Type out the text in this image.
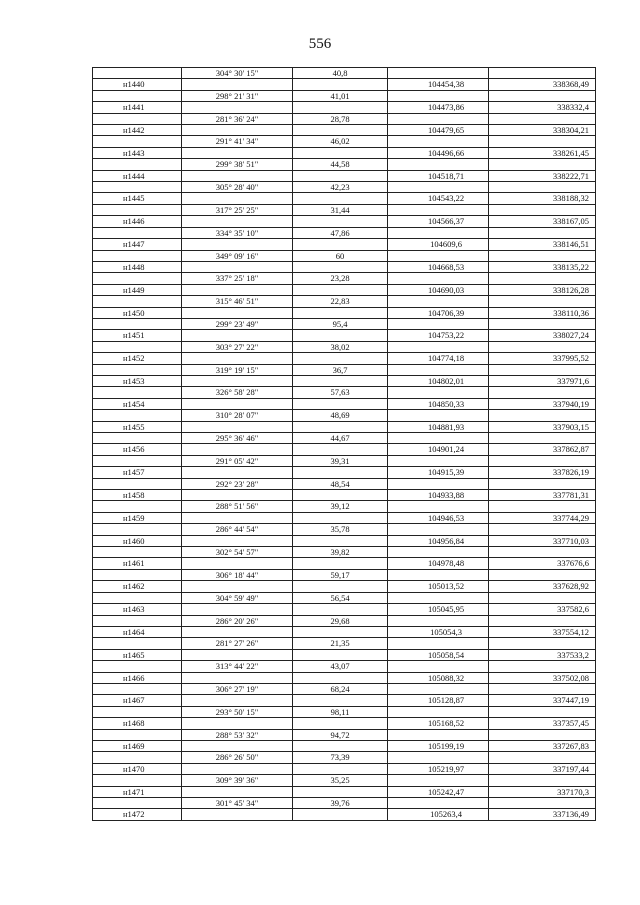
556
	304° 30' 15"	40,8		
н1440			104454,38	338368,49
	298° 21' 31"	41,01		
н1441			104473,86	338332,4
	281° 36' 24"	28,78		
н1442			104479,65	338304,21
	291° 41' 34"	46,02		
н1443			104496,66	338261,45
	299° 38' 51"	44,58		
н1444			104518,71	338222,71
	305° 28' 40"	42,23		
н1445			104543,22	338188,32
	317° 25' 25"	31,44		
н1446			104566,37	338167,05
	334° 35' 10"	47,86		
н1447			104609,6	338146,51
	349° 09' 16"	60		
н1448			104668,53	338135,22
	337° 25' 18"	23,28		
н1449			104690,03	338126,28
	315° 46' 51"	22,83		
н1450			104706,39	338110,36
	299° 23' 49"	95,4		
н1451			104753,22	338027,24
	303° 27' 22"	38,02		
н1452			104774,18	337995,52
	319° 19' 15"	36,7		
н1453			104802,01	337971,6
	326° 58' 28"	57,63		
н1454			104850,33	337940,19
	310° 28' 07"	48,69		
н1455			104881,93	337903,15
	295° 36' 46"	44,67		
н1456			104901,24	337862,87
	291° 05' 42"	39,31		
н1457			104915,39	337826,19
	292° 23' 28"	48,54		
н1458			104933,88	337781,31
	288° 51' 56"	39,12		
н1459			104946,53	337744,29
	286° 44' 54"	35,78		
н1460			104956,84	337710,03
	302° 54' 57"	39,82		
н1461			104978,48	337676,6
	306° 18' 44"	59,17		
н1462			105013,52	337628,92
	304° 59' 49"	56,54		
н1463			105045,95	337582,6
	286° 20' 26"	29,68		
н1464			105054,3	337554,12
	281° 27' 26"	21,35		
н1465			105058,54	337533,2
	313° 44' 22"	43,07		
н1466			105088,32	337502,08
	306° 27' 19"	68,24		
н1467			105128,87	337447,19
	293° 50' 15"	98,11		
н1468			105168,52	337357,45
	288° 53' 32"	94,72		
н1469			105199,19	337267,83
	286° 26' 50"	73,39		
н1470			105219,97	337197,44
	309° 39' 36"	35,25		
н1471			105242,47	337170,3
	301° 45' 34"	39,76		
н1472			105263,4	337136,49
